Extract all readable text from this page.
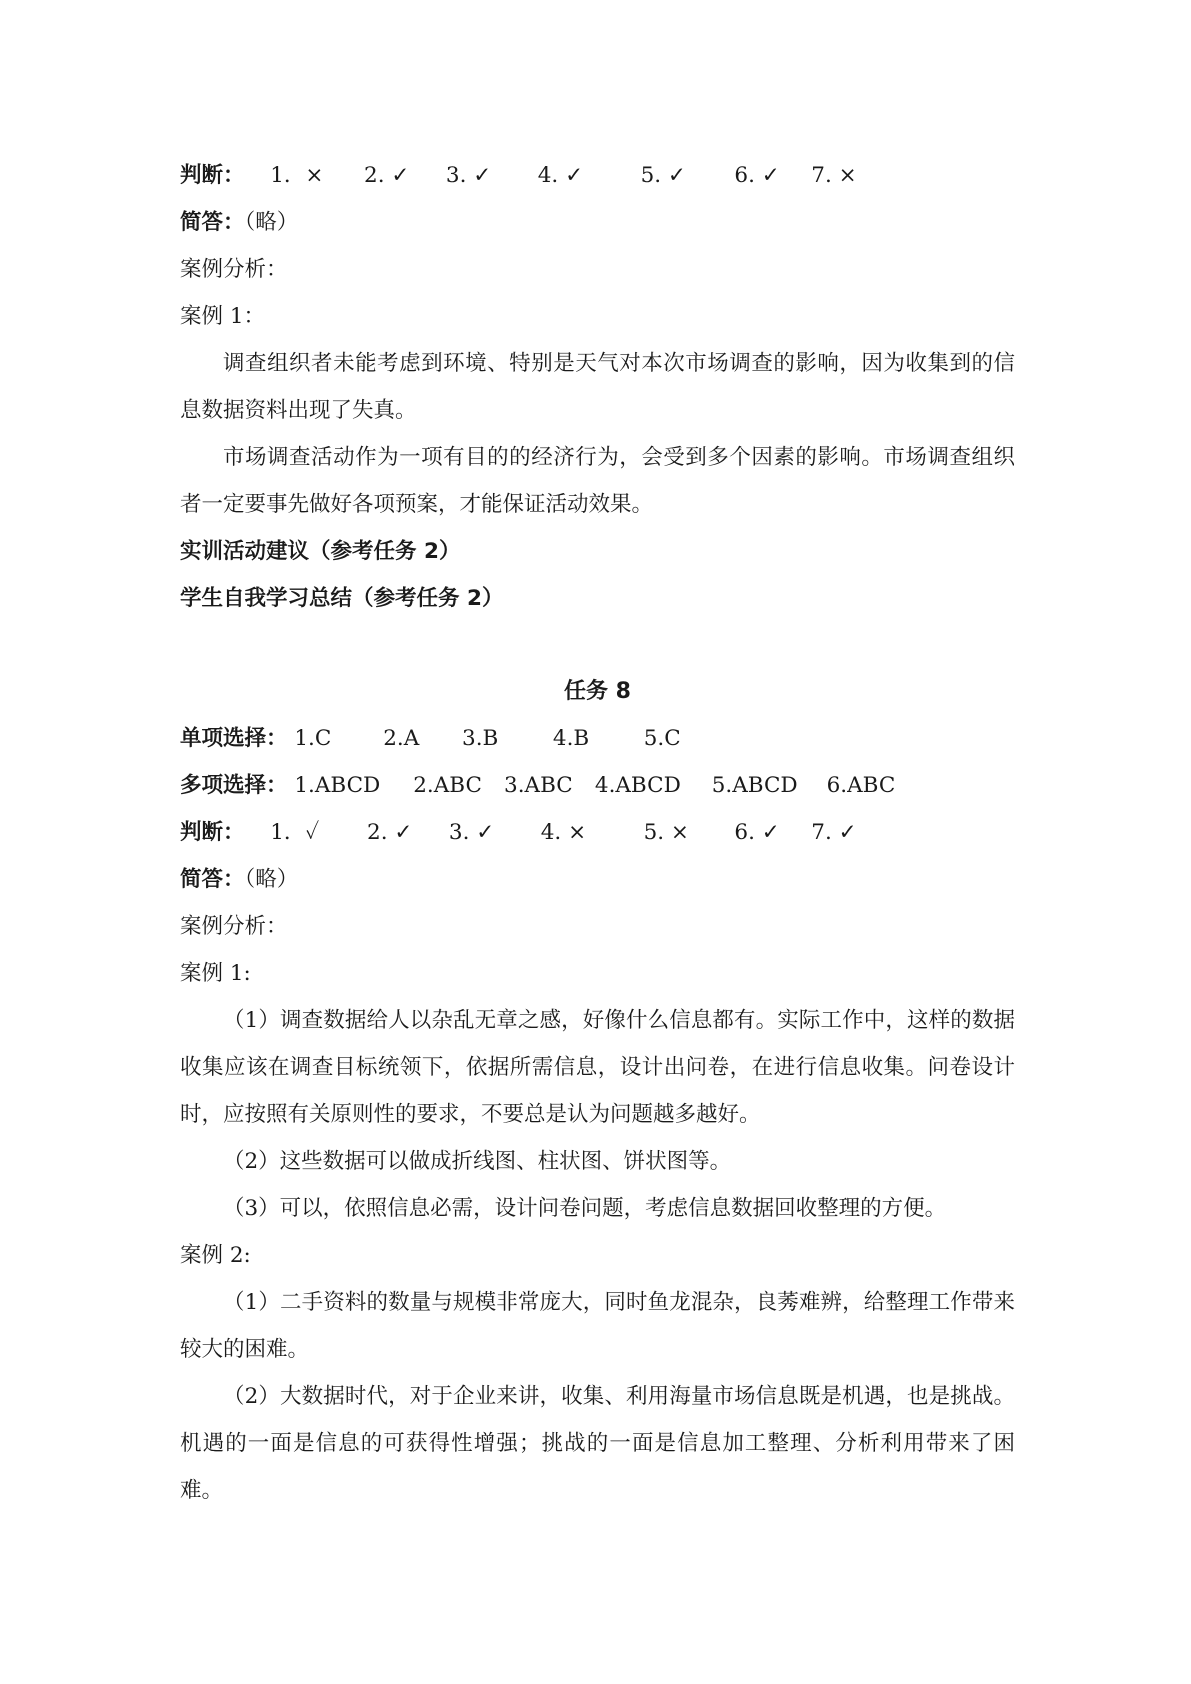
判断： 1．× 2. ✓ 3. ✓ 4. ✓	5. ✓ 6. ✓ 7. ×
简答：（略）
案例分析：
案例 1：

调查组织者未能考虑到环境、特别是天气对本次市场调查的影响，因为收集到的信息数据资料出现了失真。

市场调查活动作为一项有目的的经济行为，会受到多个因素的影响。市场调查组织者一定要事先做好各项预案，才能保证活动效果。

实训活动建议（参考任务 2）
学生自我学习总结（参考任务 2）
任务 8
单项选择： 1.C 2.A 3.B	4.B	5.C
多项选择： 1.ABCD 2.ABC 3.ABC 4.ABCD 5.ABCD 6.ABC
判断： 1．✓ 2. ✓ 3. ✓ 4. ×	5. × 6. ✓ 7. ✓
简答：（略）
案例分析：
案例 1:

（1）调查数据给人以杂乱无章之感，好像什么信息都有。实际工作中，这样的数据收集应该在调查目标统领下，依据所需信息，设计出问卷，在进行信息收集。问卷设计时，应按照有关原则性的要求，不要总是认为问题越多越好。

（2）这些数据可以做成折线图、柱状图、饼状图等。

（3）可以，依照信息必需，设计问卷问题，考虑信息数据回收整理的方便。

案例 2:

（1）二手资料的数量与规模非常庞大，同时鱼龙混杂，良莠难辨，给整理工作带来较大的困难。

（2）大数据时代，对于企业来讲，收集、利用海量市场信息既是机遇，也是挑战。机遇的一面是信息的可获得性增强；挑战的一面是信息加工整理、分析利用带来了困难。
